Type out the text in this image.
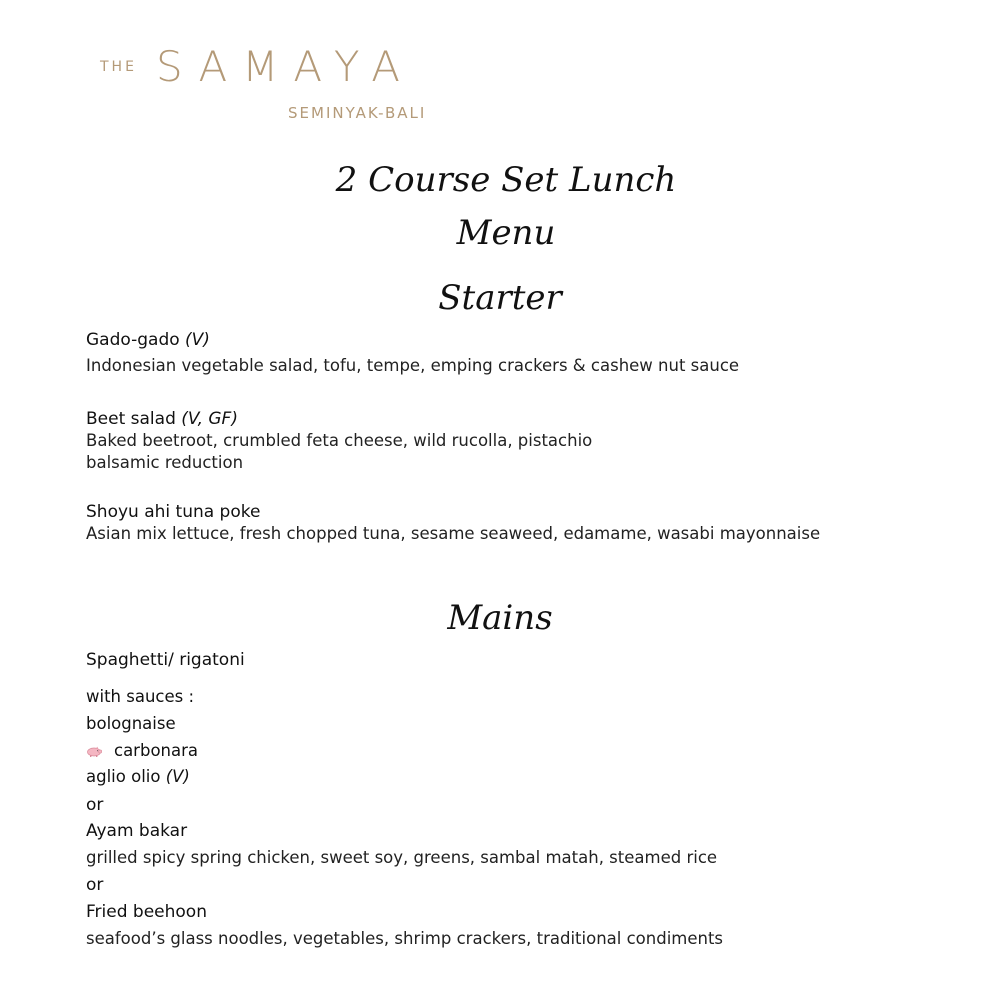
THE SAMAYA
SEMINYAK-BALI
2 Course Set Lunch
Menu
Starter
Gado-gado (V)
Indonesian vegetable salad, tofu, tempe, emping crackers & cashew nut sauce
Beet salad (V, GF)
Baked beetroot, crumbled feta cheese, wild rucolla, pistachio
balsamic reduction
Shoyu ahi tuna poke
Asian mix lettuce, fresh chopped tuna, sesame seaweed, edamame, wasabi mayonnaise
Mains
Spaghetti/ rigatoni
with sauces :
bolognaise
carbonara
aglio olio (V)
or
Ayam bakar
grilled spicy spring chicken, sweet soy, greens, sambal matah, steamed rice
or
Fried beehoon
seafood’s glass noodles, vegetables, shrimp crackers, traditional condiments
